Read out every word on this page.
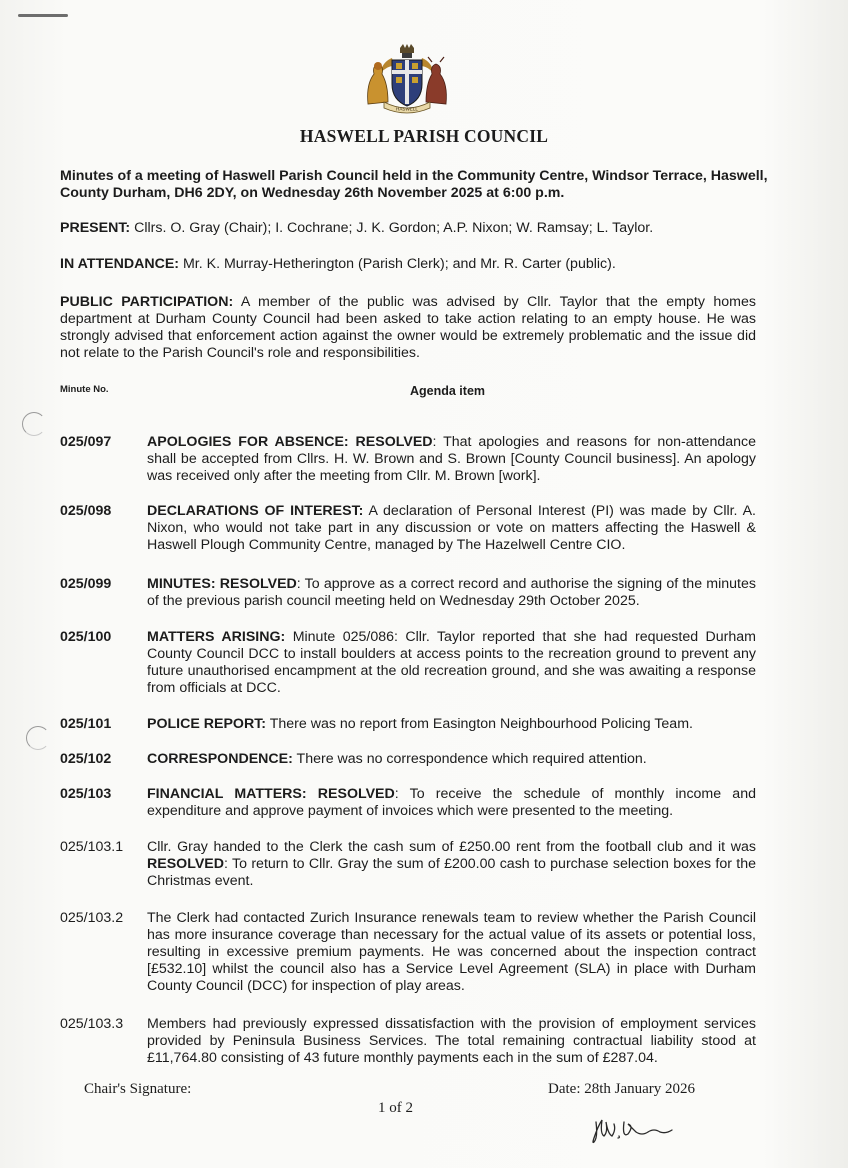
HASWELL
HASWELL PARISH COUNCIL
Minutes of a meeting of Haswell Parish Council held in the Community Centre, Windsor Terrace, Haswell, County Durham, DH6 2DY, on Wednesday 26th November 2025 at 6:00 p.m.
PRESENT: Cllrs. O. Gray (Chair); I. Cochrane; J. K. Gordon; A.P. Nixon; W. Ramsay; L. Taylor.
IN ATTENDANCE: Mr. K. Murray-Hetherington (Parish Clerk); and Mr. R. Carter (public).
PUBLIC PARTICIPATION: A member of the public was advised by Cllr. Taylor that the empty homes department at Durham County Council had been asked to take action relating to an empty house. He was strongly advised that enforcement action against the owner would be extremely problematic and the issue did not relate to the Parish Council's role and responsibilities.
Minute No.	Agenda item
025/097	APOLOGIES FOR ABSENCE: RESOLVED: That apologies and reasons for non-attendance shall be accepted from Cllrs. H. W. Brown and S. Brown [County Council business]. An apology was received only after the meeting from Cllr. M. Brown [work].
025/098	DECLARATIONS OF INTEREST: A declaration of Personal Interest (PI) was made by Cllr. A. Nixon, who would not take part in any discussion or vote on matters affecting the Haswell & Haswell Plough Community Centre, managed by The Hazelwell Centre CIO.
025/099	MINUTES: RESOLVED: To approve as a correct record and authorise the signing of the minutes of the previous parish council meeting held on Wednesday 29th October 2025.
025/100	MATTERS ARISING: Minute 025/086: Cllr. Taylor reported that she had requested Durham County Council DCC to install boulders at access points to the recreation ground to prevent any future unauthorised encampment at the old recreation ground, and she was awaiting a response from officials at DCC.
025/101	POLICE REPORT: There was no report from Easington Neighbourhood Policing Team.
025/102	CORRESPONDENCE: There was no correspondence which required attention.
025/103	FINANCIAL MATTERS: RESOLVED: To receive the schedule of monthly income and expenditure and approve payment of invoices which were presented to the meeting.
025/103.1 Cllr. Gray handed to the Clerk the cash sum of £250.00 rent from the football club and it was RESOLVED: To return to Cllr. Gray the sum of £200.00 cash to purchase selection boxes for the Christmas event.
025/103.2 The Clerk had contacted Zurich Insurance renewals team to review whether the Parish Council has more insurance coverage than necessary for the actual value of its assets or potential loss, resulting in excessive premium payments. He was concerned about the inspection contract [£532.10] whilst the council also has a Service Level Agreement (SLA) in place with Durham County Council (DCC) for inspection of play areas.
025/103.3 Members had previously expressed dissatisfaction with the provision of employment services provided by Peninsula Business Services. The total remaining contractual liability stood at £11,764.80 consisting of 43 future monthly payments each in the sum of £287.04.
Chair's Signature:	Date: 28th January 2026
1 of 2
